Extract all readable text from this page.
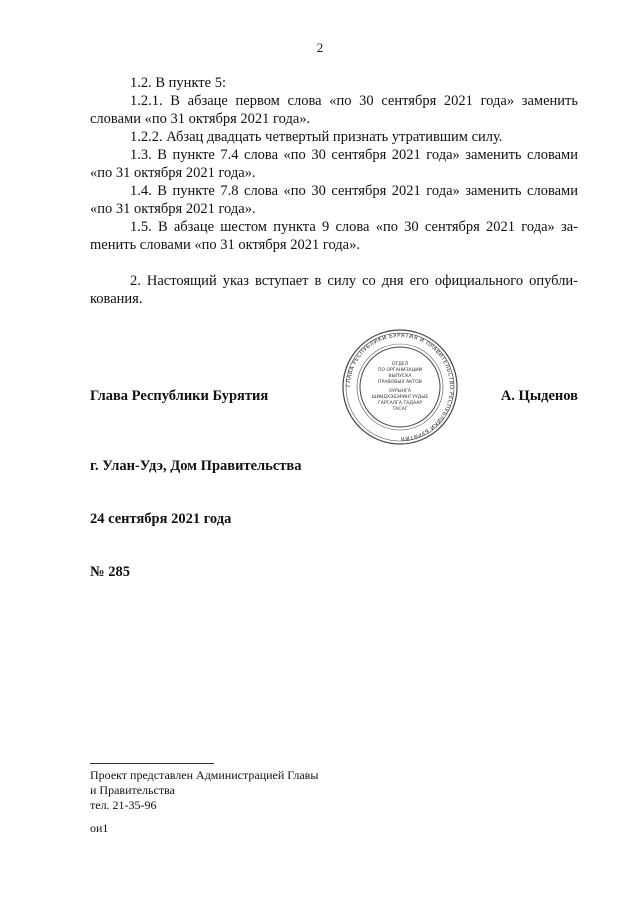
2

1.2. В пункте 5:

1.2.1. В абзаце первом слова «по 30 сентября 2021 года» заменить словами «по 31 октября 2021 года».

1.2.2. Абзац двадцать четвертый признать утратившим силу.

1.3. В пункте 7.4 слова «по 30 сентября 2021 года» заменить словами «по 31 октября 2021 года».

1.4. В пункте 7.8 слова «по 30 сентября 2021 года» заменить словами «по 31 октября 2021 года».

1.5. В абзаце шестом пункта 9 слова «по 30 сентября 2021 года» заmенить словами «по 31 октября 2021 года».

2. Настоящий указ вступает в силу со дня его официального опубликования.

ГЛАВА РЕСПУБЛИКИ БУРЯТИЯ И ПРАВИТЕЛЬСТВО РЕСПУБЛИКИ БУРЯТИЯ
ОТДЕЛ
ПО ОРГАНИЗАЦИИ
ВЫПУСКА
ПРАВОВЫХ АКТОВ
ХУРЫНГА
ШИИДХЭБЭРИНГУУДЫЕ
ГАРГАЛГА ТАДААР
ТАСАГ
Глава Республики Бурятия	А. Цыденов
г. Улан-Удэ, Дом Правительства
24 сентября 2021 года
№ 285
Проект представлен Администрацией Главы
и Правительства
тел. 21-35-96
ои1
